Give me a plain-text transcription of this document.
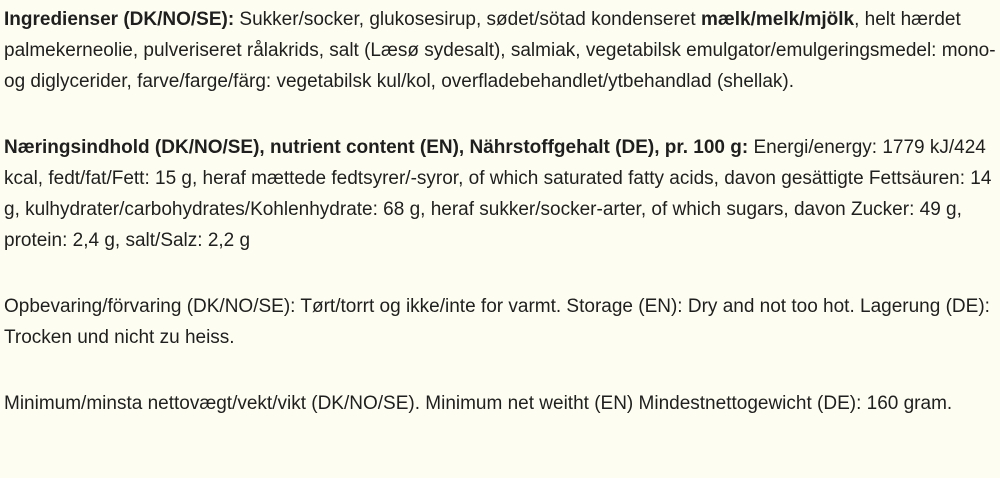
Ingredienser (DK/NO/SE): Sukker/socker, glukosesirup, sødet/sötad kondenseret mælk/melk/mjölk, helt hærdet palmekerneolie, pulveriseret rålakrids, salt (Læsø sydesalt), salmiak, vegetabilsk emulgator/emulgeringsmedel: mono- og diglycerider, farve/farge/färg: vegetabilsk kul/kol, overfladebehandlet/ytbehandlad (shellak).

Næringsindhold (DK/NO/SE), nutrient content (EN), Nährstoffgehalt (DE), pr. 100 g: Energi/energy: 1779 kJ/424 kcal, fedt/fat/Fett: 15 g, heraf mættede fedtsyrer/-syror, of which saturated fatty acids, davon gesättigte Fettsäuren: 14 g, kulhydrater/carbohydrates/Kohlenhydrate: 68 g, heraf sukker/socker-arter, of which sugars, davon Zucker: 49 g, protein: 2,4 g, salt/Salz: 2,2 g

Opbevaring/förvaring (DK/NO/SE): Tørt/torrt og ikke/inte for varmt. Storage (EN): Dry and not too hot. Lagerung (DE): Trocken und nicht zu heiss.

Minimum/minsta nettovægt/vekt/vikt (DK/NO/SE). Minimum net weitht (EN) Mindestnettogewicht (DE): 160 gram.
